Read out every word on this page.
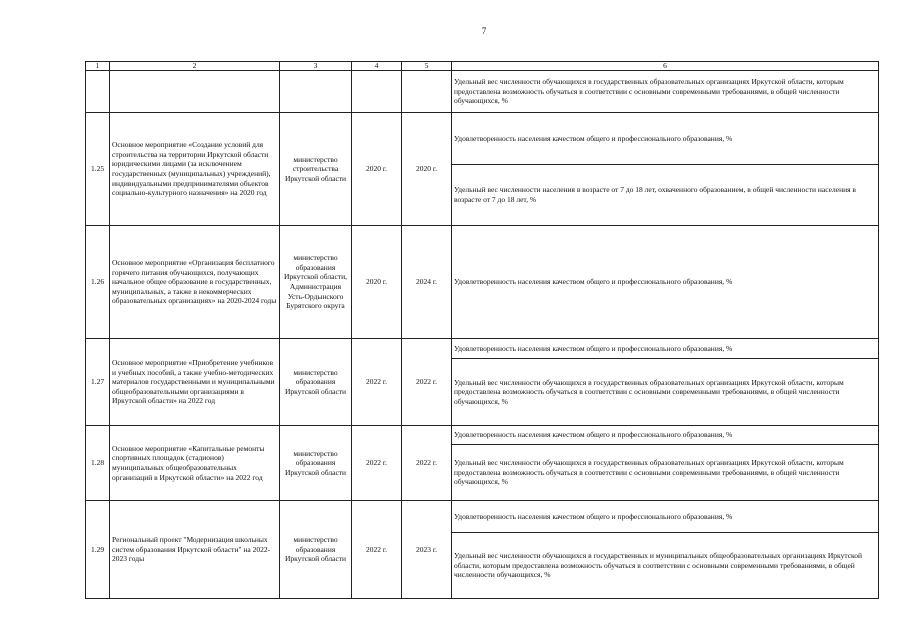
7
1	2	3	4	5	6
					Удельный вес численности обучающихся в государственных образовательных организациях Иркутской области, которым предоставлена возможность обучаться в соответствии с основными современными требованиями, в общей численности обучающихся, %
1.25	Основное мероприятие «Создание условий для строительства на территории Иркутской области юридическими лицами (за исключением государственных (муниципальных) учреждений), индивидуальными предпринимателями объектов социально-культурного назначения» на 2020 год	министерство строительства Иркутской области	2020 г.	2020 г.	Удовлетворенность населения качеством общего и профессионального образования, %
					Удельный вес численности населения в возрасте от 7 до 18 лет, охваченного образованием, в общей численности населения в возрасте от 7 до 18 лет, %
1.26	Основное мероприятие «Организация бесплатного горячего питания обучающихся, получающих начальное общее образование в государственных, муниципальных, а также в некоммерческих образовательных организациях» на 2020-2024 годы	министерство образования Иркутской области, Администрация Усть-Ордынского Бурятского округа	2020 г.	2024 г.	Удовлетворенность населения качеством общего и профессионального образования, %
1.27	Основное мероприятие «Приобретение учебников и учебных пособий, а также учебно-методических материалов государственными и муниципальными общеобразовательными организациями в Иркутской области» на 2022 год	министерство образования Иркутской области	2022 г.	2022 г.	Удовлетворенность населения качеством общего и профессионального образования, %
					Удельный вес численности обучающихся в государственных образовательных организациях Иркутской области, которым предоставлена возможность обучаться в соответствии с основными современными требованиями, в общей численности обучающихся, %
1.28	Основное мероприятие «Капитальные ремонты спортивных площадок (стадионов) муниципальных общеобразовательных организаций в Иркутской области» на 2022 год	министерство образования Иркутской области	2022 г.	2022 г.	Удовлетворенность населения качеством общего и профессионального образования, %
					Удельный вес численности обучающихся в государственных образовательных организациях Иркутской области, которым предоставлена возможность обучаться в соответствии с основными современными требованиями, в общей численности обучающихся, %
1.29	Региональный проект "Модернизация школьных систем образования Иркутской области" на 2022-2023 годы	министерство образования Иркутской области	2022 г.	2023 г.	Удовлетворенность населения качеством общего и профессионального образования, %
					Удельный вес численности обучающихся в государственных и муниципальных общеобразовательных организациях Иркутской области, которым предоставлена возможность обучаться в соответствии с основными современными требованиями, в общей численности обучающихся, %
